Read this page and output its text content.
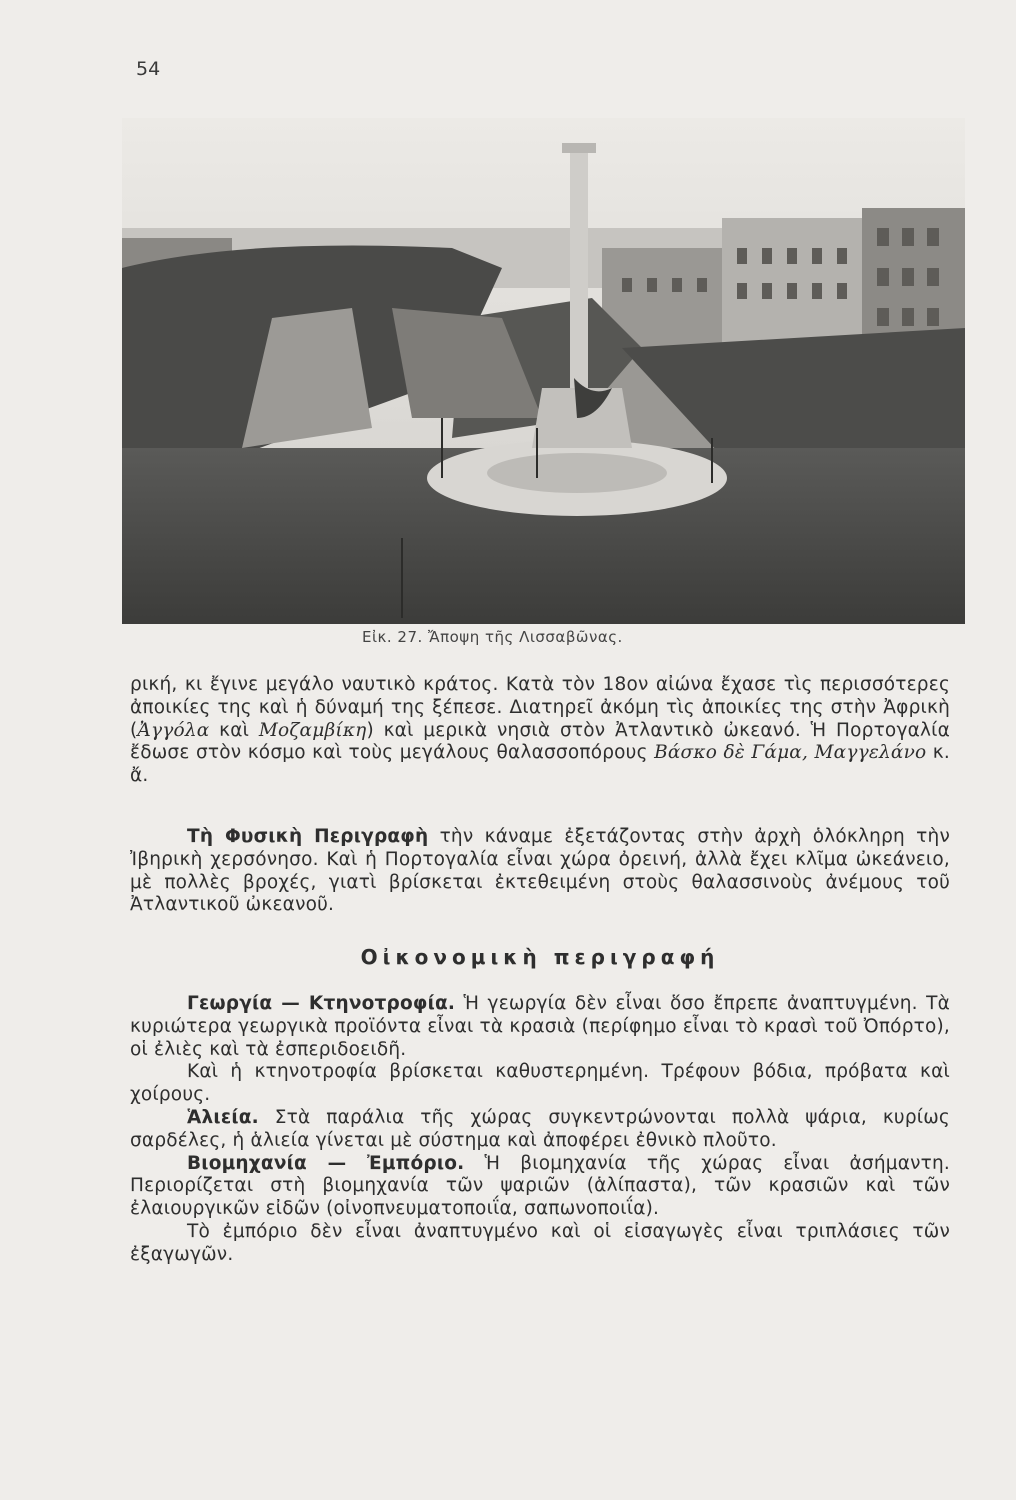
54
Εἰκ. 27. Ἄποψη τῆς Λισσαβῶνας.

ρική, κι ἔγινε μεγάλο ναυτικὸ κράτος. Κατὰ τὸν 18ον αἰώνα ἔχασε τὶς περισσότερες ἀποικίες της καὶ ἡ δύναμή της ξέπεσε. Διατηρεῖ ἀκόμη τὶς ἀποικίες της στὴν Ἀφρικὴ (Ἀγγόλα καὶ Μοζαμβίκη) καὶ μερικὰ νησιὰ στὸν Ἀτλαντικὸ ὠκεανό. Ἡ Πορτογαλία ἔδωσε στὸν κόσμο καὶ τοὺς μεγάλους θαλασσοπόρους Βάσκο δὲ Γάμα, Μαγγελάνο κ. ἄ.

Τὴ Φυσικὴ Περιγραφὴ τὴν κάναμε ἐξετάζοντας στὴν ἀρχὴ ὁλόκληρη τὴν Ἰβηρικὴ χερσόνησο. Καὶ ἡ Πορτογαλία εἶναι χώρα ὀρεινή, ἀλλὰ ἔχει κλῖμα ὠκεάνειο, μὲ πολλὲς βροχές, γιατὶ βρίσκεται ἐκτεθειμένη στοὺς θαλασσινοὺς ἀνέμους τοῦ Ἀτλαντικοῦ ὠκεανοῦ.

Οἰκονομικὴ περιγραφή

Γεωργία — Κτηνοτροφία. Ἡ γεωργία δὲν εἶναι ὅσο ἔπρεπε ἀναπτυγμένη. Τὰ κυριώτερα γεωργικὰ προϊόντα εἶναι τὰ κρασιὰ (περίφημο εἶναι τὸ κρασὶ τοῦ Ὀπόρτο), οἱ ἐλιὲς καὶ τὰ ἐσπεριδοειδῆ.

Καὶ ἡ κτηνοτροφία βρίσκεται καθυστερημένη. Τρέφουν βόδια, πρόβατα καὶ χοίρους.

Ἁλιεία. Στὰ παράλια τῆς χώρας συγκεντρώνονται πολλὰ ψάρια, κυρίως σαρδέλες, ἡ ἁλιεία γίνεται μὲ σύστημα καὶ ἀποφέρει ἐθνικὸ πλοῦτο.

Βιομηχανία — Ἐμπόριο. Ἡ βιομηχανία τῆς χώρας εἶναι ἀσήμαντη. Περιορίζεται στὴ βιομηχανία τῶν ψαριῶν (ἁλίπαστα), τῶν κρασιῶν καὶ τῶν ἐλαιουργικῶν εἰδῶν (οἰνοπνευματοποιΐα, σαπωνοποιΐα).

Τὸ ἐμπόριο δὲν εἶναι ἀναπτυγμένο καὶ οἱ εἰσαγωγὲς εἶναι τριπλάσιες τῶν ἐξαγωγῶν.
